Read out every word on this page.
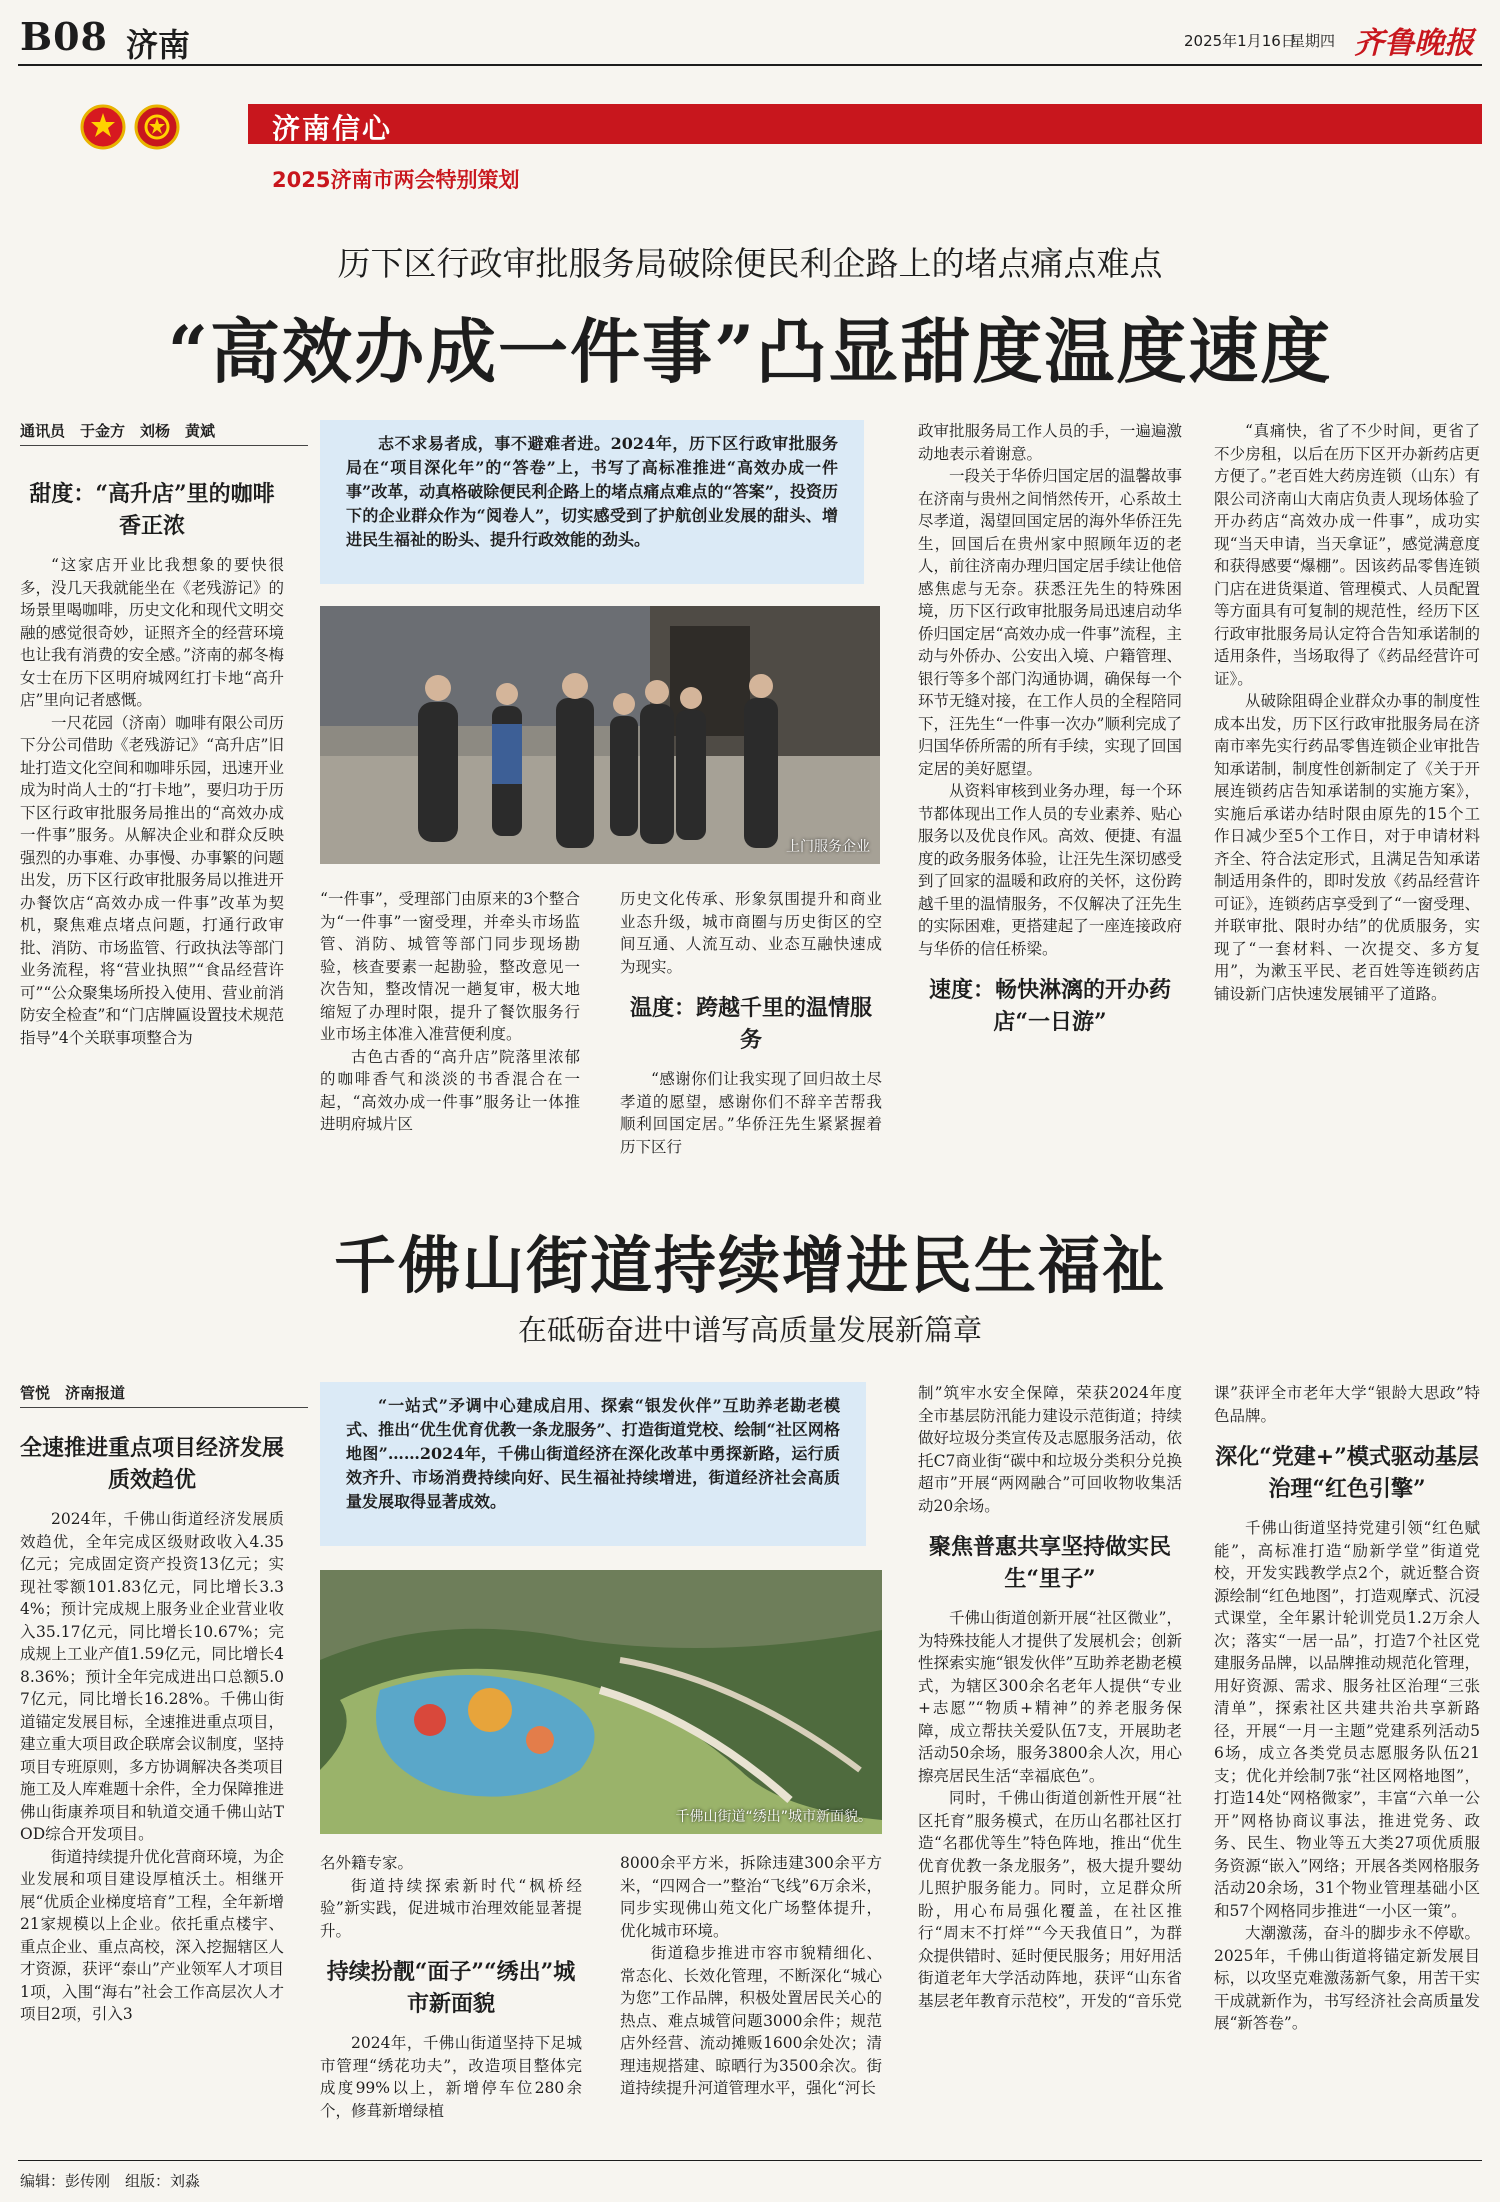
B08 济南	2025年1月16日
星期四 齐鲁晚报
济南信心
2025济南市两会特别策划
历下区行政审批服务局破除便民利企路上的堵点痛点难点
“高效办成一件事”凸显甜度温度速度
通讯员　于金方　刘杨　黄斌
志不求易者成，事不避难者进。2024年，历下区行政审批服务局在“项目深化年”的“答卷”上，书写了高标准推进“高效办成一件事”改革，动真格破除便民利企路上的堵点痛点难点的“答案”，投资历下的企业群众作为“阅卷人”，切实感受到了护航创业发展的甜头、增进民生福祉的盼头、提升行政效能的劲头。
上门服务企业

甜度：“高升店”里的咖啡香正浓

“这家店开业比我想象的要快很多，没几天我就能坐在《老残游记》的场景里喝咖啡，历史文化和现代文明交融的感觉很奇妙，证照齐全的经营环境也让我有消费的安全感。”济南的郝冬梅女士在历下区明府城网红打卡地“高升店”里向记者感慨。

一尺花园（济南）咖啡有限公司历下分公司借助《老残游记》“高升店”旧址打造文化空间和咖啡乐园，迅速开业成为时尚人士的“打卡地”，要归功于历下区行政审批服务局推出的“高效办成一件事”服务。从解决企业和群众反映强烈的办事难、办事慢、办事繁的问题出发，历下区行政审批服务局以推进开办餐饮店“高效办成一件事”改革为契机，聚焦难点堵点问题，打通行政审批、消防、市场监管、行政执法等部门业务流程，将“营业执照”“食品经营许可”“公众聚集场所投入使用、营业前消防安全检查”和“门店牌匾设置技术规范指导”4个关联事项整合为

“一件事”，受理部门由原来的3个整合为“一件事”一窗受理，并牵头市场监管、消防、城管等部门同步现场勘验，核查要素一起勘验，整改意见一次告知，整改情况一趟复审，极大地缩短了办理时限，提升了餐饮服务行业市场主体准入准营便利度。

古色古香的“高升店”院落里浓郁的咖啡香气和淡淡的书香混合在一起，“高效办成一件事”服务让一体推进明府城片区

历史文化传承、形象氛围提升和商业业态升级，城市商圈与历史街区的空间互通、人流互动、业态互融快速成为现实。

温度：跨越千里的温情服务

“感谢你们让我实现了回归故土尽孝道的愿望，感谢你们不辞辛苦帮我顺利回国定居。”华侨汪先生紧紧握着历下区行

政审批服务局工作人员的手，一遍遍激动地表示着谢意。

一段关于华侨归国定居的温馨故事在济南与贵州之间悄然传开，心系故土尽孝道，渴望回国定居的海外华侨汪先生，回国后在贵州家中照顾年迈的老人，前往济南办理归国定居手续让他倍感焦虑与无奈。获悉汪先生的特殊困境，历下区行政审批服务局迅速启动华侨归国定居“高效办成一件事”流程，主动与外侨办、公安出入境、户籍管理、银行等多个部门沟通协调，确保每一个环节无缝对接，在工作人员的全程陪同下，汪先生“一件事一次办”顺利完成了归国华侨所需的所有手续，实现了回国定居的美好愿望。

从资料审核到业务办理，每一个环节都体现出工作人员的专业素养、贴心服务以及优良作风。高效、便捷、有温度的政务服务体验，让汪先生深切感受到了回家的温暖和政府的关怀，这份跨越千里的温情服务，不仅解决了汪先生的实际困难，更搭建起了一座连接政府与华侨的信任桥梁。

速度：畅快淋漓的开办药店“一日游”

“真痛快，省了不少时间，更省了不少房租，以后在历下区开办新药店更方便了。”老百姓大药房连锁（山东）有限公司济南山大南店负责人现场体验了开办药店“高效办成一件事”，成功实现“当天申请，当天拿证”，感觉满意度和获得感要“爆棚”。因该药品零售连锁门店在进货渠道、管理模式、人员配置等方面具有可复制的规范性，经历下区行政审批服务局认定符合告知承诺制的适用条件，当场取得了《药品经营许可证》。

从破除阻碍企业群众办事的制度性成本出发，历下区行政审批服务局在济南市率先实行药品零售连锁企业审批告知承诺制，制度性创新制定了《关于开展连锁药店告知承诺制的实施方案》，实施后承诺办结时限由原先的15个工作日减少至5个工作日，对于申请材料齐全、符合法定形式，且满足告知承诺制适用条件的，即时发放《药品经营许可证》，连锁药店享受到了“一窗受理、并联审批、限时办结”的优质服务，实现了“一套材料、一次提交、多方复用”，为漱玉平民、老百姓等连锁药店铺设新门店快速发展铺平了道路。

千佛山街道持续增进民生福祉
在砥砺奋进中谱写高质量发展新篇章
管悦　济南报道
“一站式”矛调中心建成启用、探索“银发伙伴”互助养老勘老模式、推出“优生优育优教一条龙服务”、打造街道党校、绘制“社区网格地图”……2024年，千佛山街道经济在深化改革中勇探新路，运行质效齐升、市场消费持续向好、民生福祉持续增进，街道经济社会高质量发展取得显著成效。
千佛山街道“绣出”城市新面貌。

全速推进重点项目经济发展质效趋优

2024年，千佛山街道经济发展质效趋优，全年完成区级财政收入4.35亿元；完成固定资产投资13亿元；实现社零额101.83亿元，同比增长3.34%；预计完成规上服务业企业营业收入35.17亿元，同比增长10.67%；完成规上工业产值1.59亿元，同比增长48.36%；预计全年完成进出口总额5.07亿元，同比增长16.28%。千佛山街道锚定发展目标，全速推进重点项目，建立重大项目政企联席会议制度，坚持项目专班原则，多方协调解决各类项目施工及人库难题十余件，全力保障推进佛山街康养项目和轨道交通千佛山站TOD综合开发项目。

街道持续提升优化营商环境，为企业发展和项目建设厚植沃土。相继开展“优质企业梯度培育”工程，全年新增21家规模以上企业。依托重点楼宇、重点企业、重点高校，深入挖掘辖区人才资源，获评“泰山”产业领军人才项目1项，入围“海右”社会工作高层次人才项目2项，引入3

名外籍专家。

街道持续探索新时代“枫桥经验”新实践，促进城市治理效能显著提升。

持续扮靓“面子”“绣出”城市新面貌

2024年，千佛山街道坚持下足城市管理“绣花功夫”，改造项目整体完成度99%以上，新增停车位280余个，修葺新增绿植

8000余平方米，拆除违建300余平方米，“四网合一”整治“飞线”6万余米，同步实现佛山苑文化广场整体提升，优化城市环境。

街道稳步推进市容市貌精细化、常态化、长效化管理，不断深化“城心为您”工作品牌，积极处置居民关心的热点、难点城管问题3000余件；规范店外经营、流动摊贩1600余处次；清理违规搭建、晾晒行为3500余次。街道持续提升河道管理水平，强化“河长

制”筑牢水安全保障，荣获2024年度全市基层防汛能力建设示范街道；持续做好垃圾分类宣传及志愿服务活动，依托C7商业街“碳中和垃圾分类积分兑换超市”开展“两网融合”可回收物收集活动20余场。

聚焦普惠共享坚持做实民生“里子”

千佛山街道创新开展“社区微业”，为特殊技能人才提供了发展机会；创新性探索实施“银发伙伴”互助养老勘老模式，为辖区300余名老年人提供“专业+志愿”“物质+精神”的养老服务保障，成立帮扶关爱队伍7支，开展助老活动50余场，服务3800余人次，用心擦亮居民生活“幸福底色”。

同时，千佛山街道创新性开展“社区托育”服务模式，在历山名郡社区打造“名郡优等生”特色阵地，推出“优生优育优教一条龙服务”，极大提升婴幼儿照护服务能力。同时，立足群众所盼，用心布局强化覆盖，在社区推行“周末不打烊”“今天我值日”，为群众提供错时、延时便民服务；用好用活街道老年大学活动阵地，获评“山东省基层老年教育示范校”，开发的“音乐党

课”获评全市老年大学“银龄大思政”特色品牌。

深化“党建+”模式驱动基层治理“红色引擎”

千佛山街道坚持党建引领“红色赋能”，高标准打造“励新学堂”街道党校，开发实践教学点2个，就近整合资源绘制“红色地图”，打造观摩式、沉浸式课堂，全年累计轮训党员1.2万余人次；落实“一居一品”，打造7个社区党建服务品牌，以品牌推动规范化管理，用好资源、需求、服务社区治理“三张清单”，探索社区共建共治共享新路径，开展“一月一主题”党建系列活动56场，成立各类党员志愿服务队伍21支；优化并绘制7张“社区网格地图”，打造14处“网格微家”，丰富“六单一公开”网格协商议事法，推进党务、政务、民生、物业等五大类27项优质服务资源“嵌入”网络；开展各类网格服务活动20余场，31个物业管理基础小区和57个网格同步推进“一小区一策”。

大潮激荡，奋斗的脚步永不停歇。2025年，千佛山街道将锚定新发展目标，以攻坚克难激荡新气象，用苦干实干成就新作为，书写经济社会高质量发展“新答卷”。

编辑：彭传刚　组版：刘淼
